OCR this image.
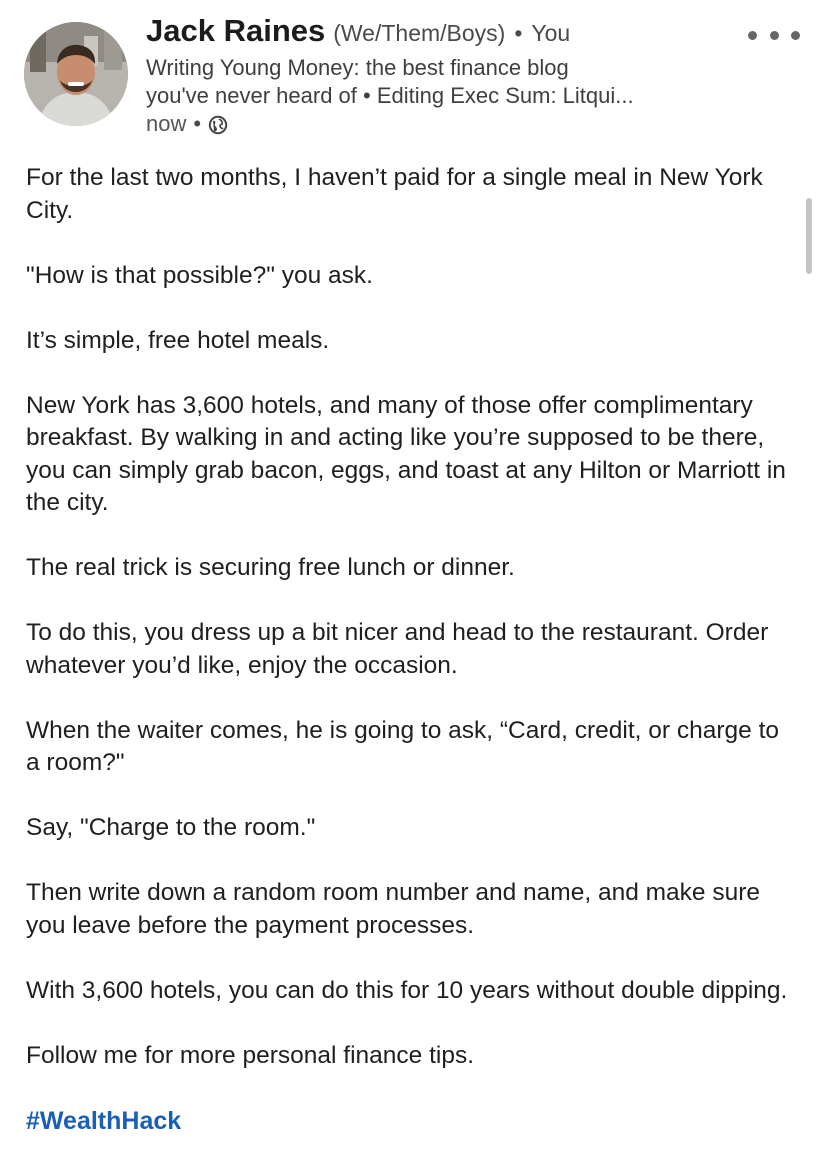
Jack Raines (We/Them/Boys) • You
Writing Young Money: the best finance blog
you've never heard of • Editing Exec Sum: Litqui...
now •

For the last two months, I haven’t paid for a single meal in New York City.

"How is that possible?" you ask.

It’s simple, free hotel meals.

New York has 3,600 hotels, and many of those offer complimentary breakfast. By walking in and acting like you’re supposed to be there, you can simply grab bacon, eggs, and toast at any Hilton or Marriott in the city.

The real trick is securing free lunch or dinner.

To do this, you dress up a bit nicer and head to the restaurant. Order whatever you’d like, enjoy the occasion.

When the waiter comes, he is going to ask, “Card, credit, or charge to a room?"

Say, "Charge to the room."

Then write down a random room number and name, and make sure you leave before the payment processes.

With 3,600 hotels, you can do this for 10 years without double dipping.

Follow me for more personal finance tips.

#WealthHack
